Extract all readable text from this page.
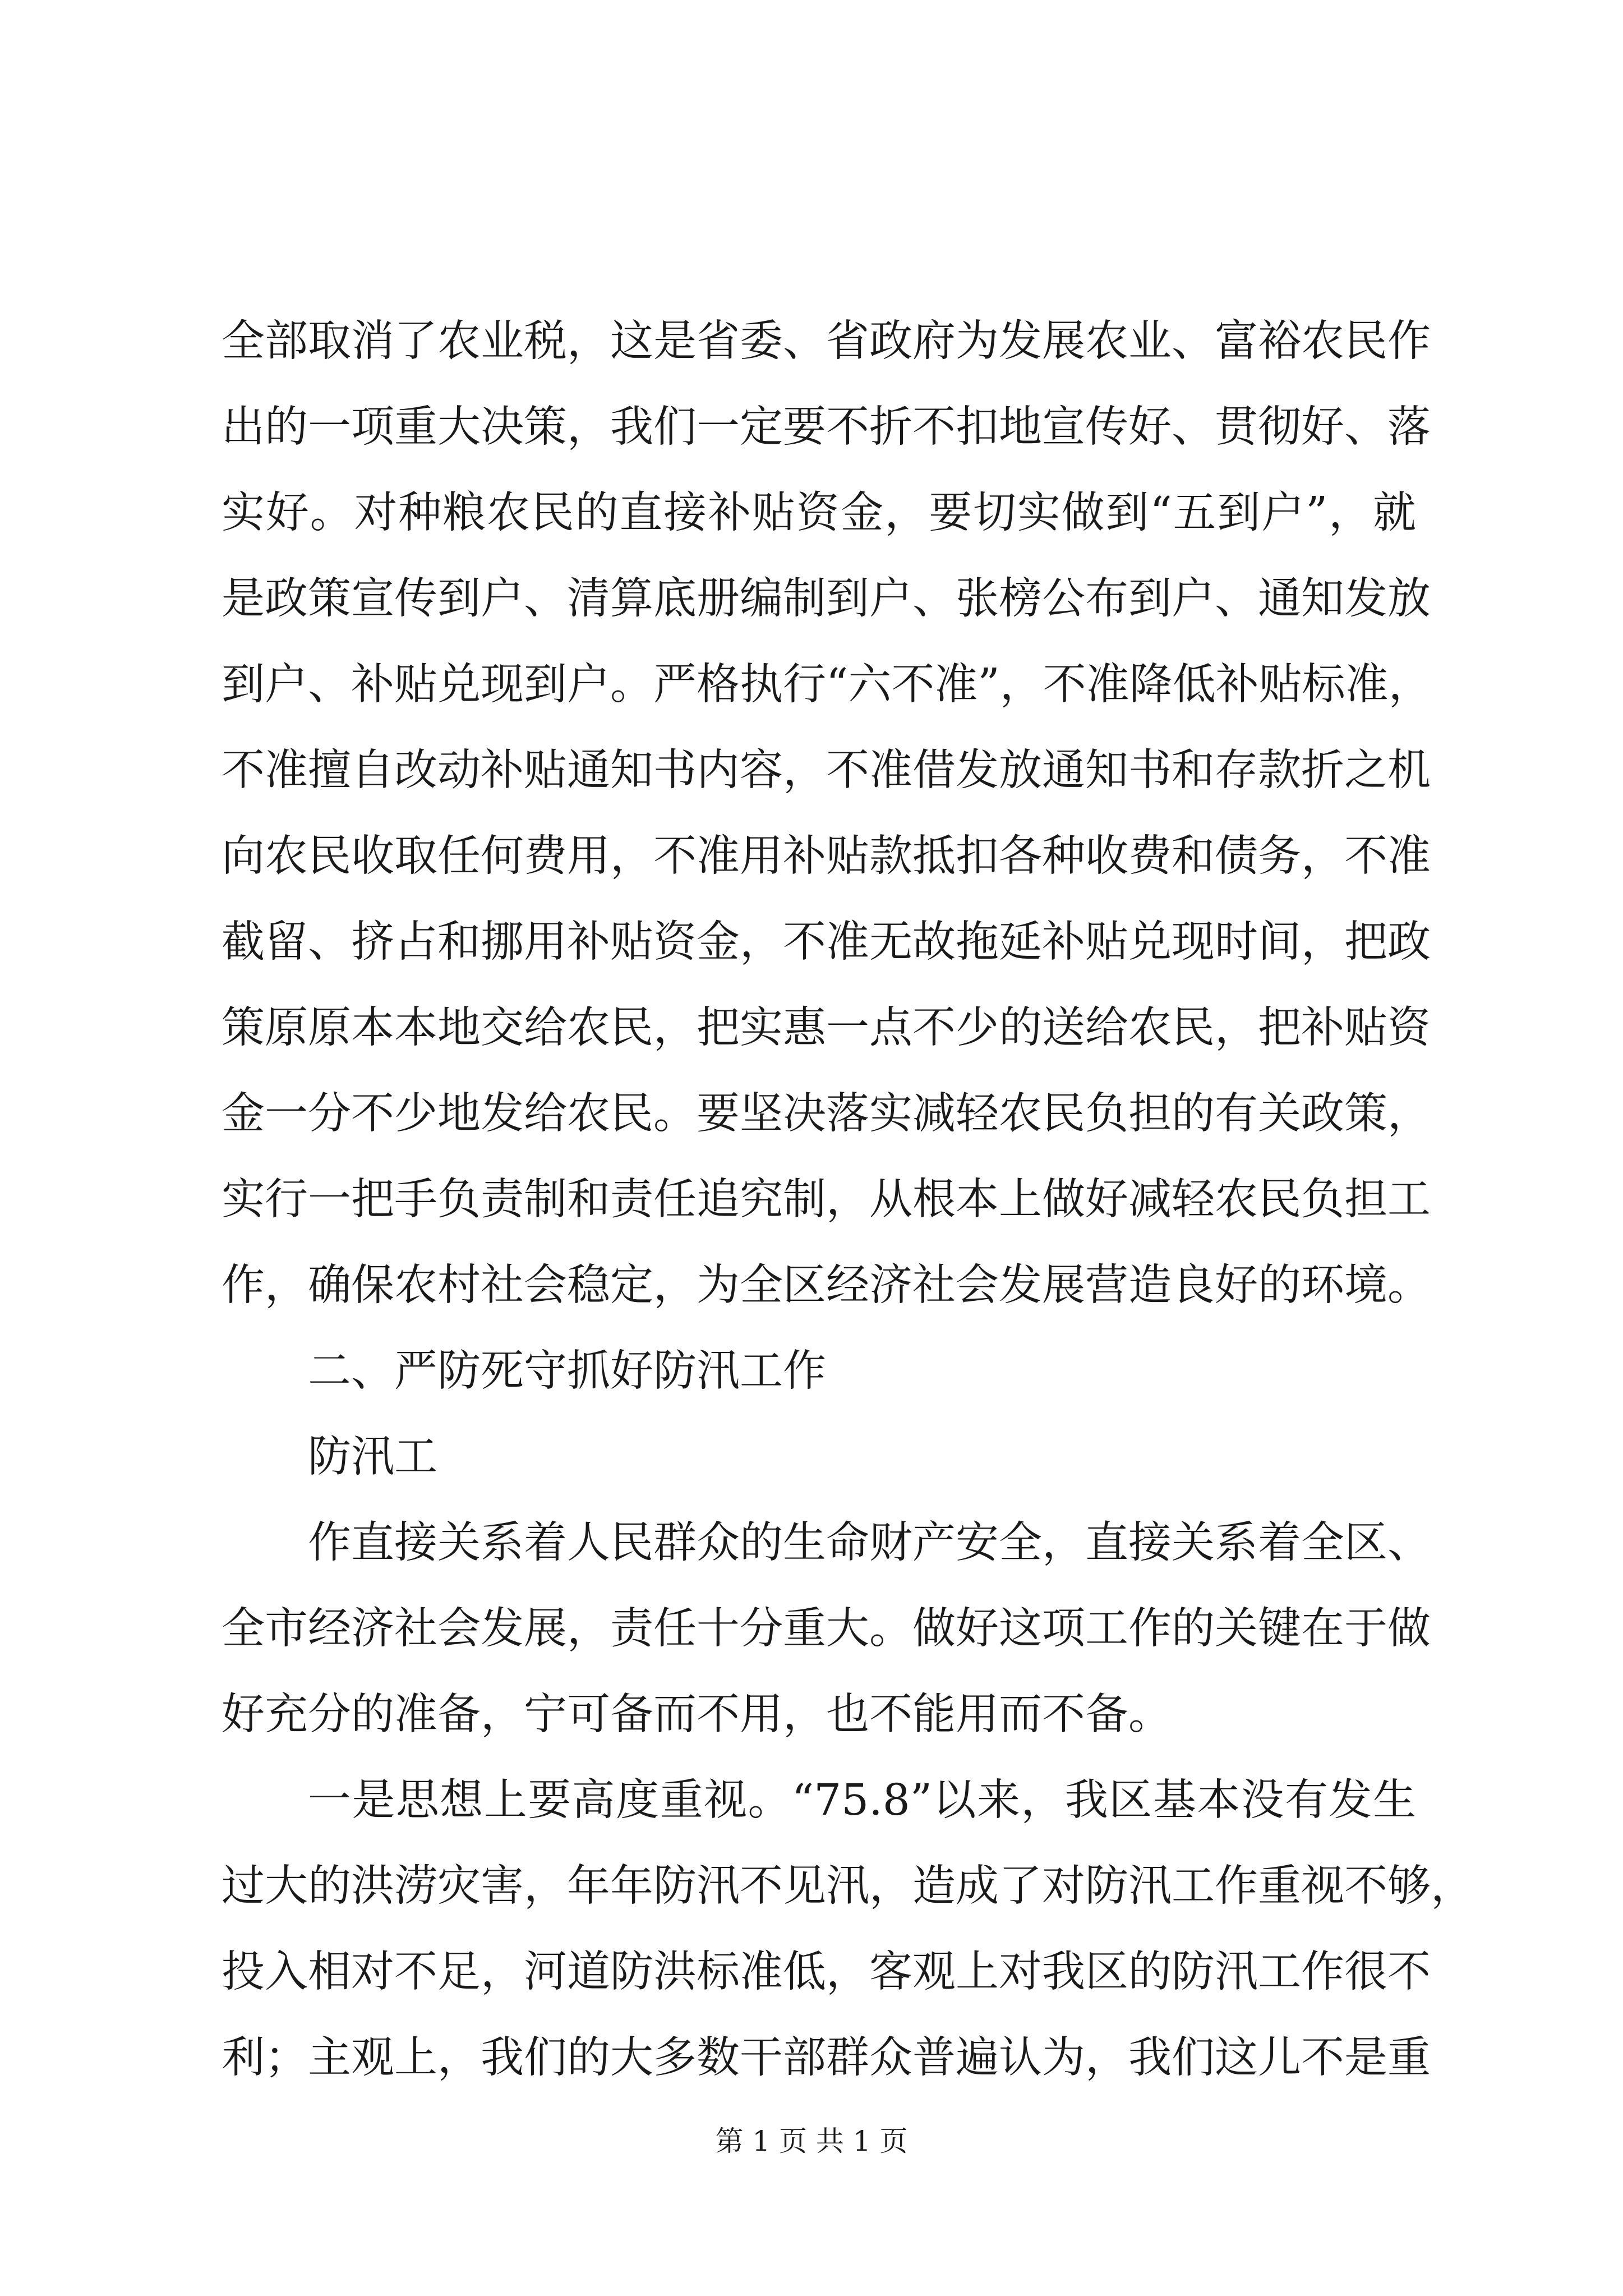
全部取消了农业税，这是省委、省政府为发展农业、富裕农民作
出的一项重大决策，我们一定要不折不扣地宣传好、贯彻好、落
实好。对种粮农民的直接补贴资金，要切实做到“五到户”，就
是政策宣传到户、清算底册编制到户、张榜公布到户、通知发放
到户、补贴兑现到户。严格执行“六不准”，不准降低补贴标准，
不准擅自改动补贴通知书内容，不准借发放通知书和存款折之机
向农民收取任何费用，不准用补贴款抵扣各种收费和债务，不准
截留、挤占和挪用补贴资金，不准无故拖延补贴兑现时间，把政
策原原本本地交给农民，把实惠一点不少的送给农民，把补贴资
金一分不少地发给农民。要坚决落实减轻农民负担的有关政策，
实行一把手负责制和责任追究制，从根本上做好减轻农民负担工
作，确保农村社会稳定，为全区经济社会发展营造良好的环境。
二、严防死守抓好防汛工作
防汛工
作直接关系着人民群众的生命财产安全，直接关系着全区、
全市经济社会发展，责任十分重大。做好这项工作的关键在于做
好充分的准备，宁可备而不用，也不能用而不备。
一是思想上要高度重视。“75.8”以来，我区基本没有发生
过大的洪涝灾害，年年防汛不见汛，造成了对防汛工作重视不够，
投入相对不足，河道防洪标准低，客观上对我区的防汛工作很不
利；主观上，我们的大多数干部群众普遍认为，我们这儿不是重
第 1 页 共 1 页
